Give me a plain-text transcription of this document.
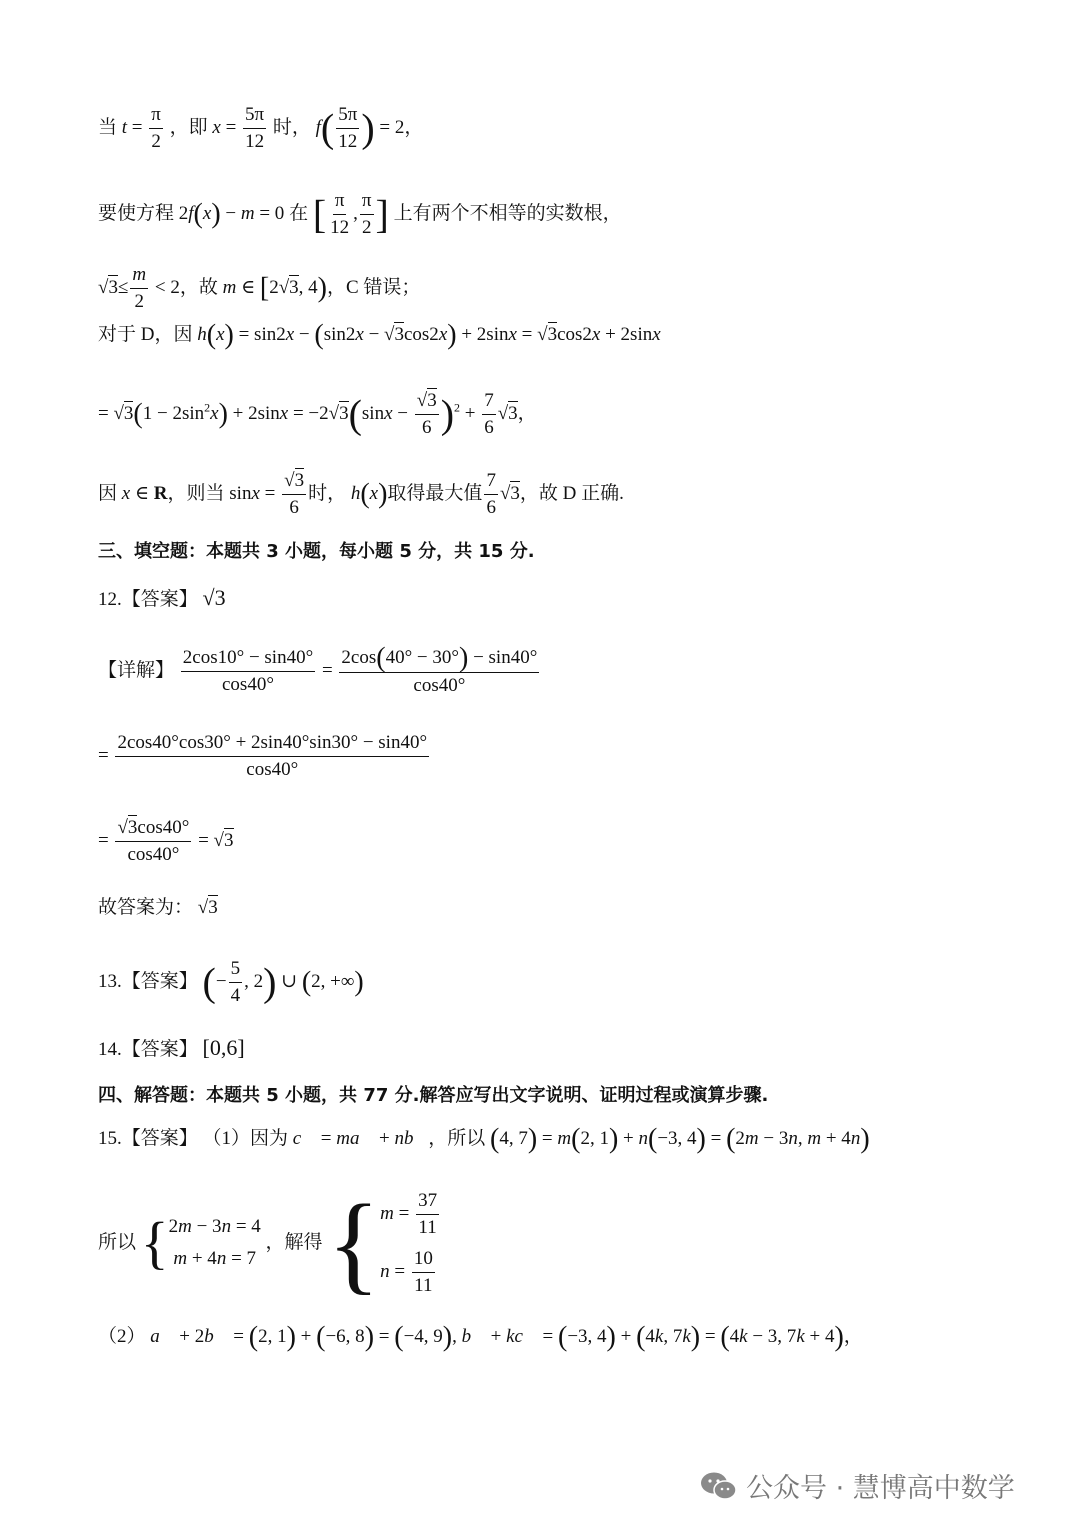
当 $t = \frac{\pi}{2}$ ，即 $x = \frac{5\pi}{12}$ 时， $f( \frac{5\pi}{12}$ ) = 2，
要使方程 2f(x) − m = 0 在 [ $\frac{\pi}{12}$ , $\frac{\pi}{2}$ ] 上有两个不相等的实数根，
$√3\le \frac{m}{2} < 2$，故 m ∈ [2√3, 4)，C 错误；
对于 D，因 h(x) = sin2x − (sin2x − √3cos2x) + 2sinx = √3cos2x + 2sinx
= $√3(1 - 2\sin^2x) + 2\sin x = -2√3(\sin x - \frac{√3}{6} )^2 + \frac{7}{6} √3$，
因 x ∈ R，则当 $\sin x = \frac{√3}{6}$ 时， h(x)取得最大值 $\frac{7}{6} √3$，故 D 正确.
三、填空题：本题共 3 小题，每小题 5 分，共 15 分.
12.【答案】 √3
【详解】 $\frac{2\cos 10^\circ - \sin 40^\circ}{\cos 40^\circ} = \frac{2\cos(40^\circ - 30^\circ) - \sin 40^\circ}{\cos 40^\circ}$
= $\frac{2\cos 40^\circ\cos 30^\circ + 2\sin 40^\circ\sin 30^\circ - \sin 40^\circ}{\cos 40^\circ}$
= $\frac{√3\cos 40^\circ}{\cos 40^\circ} = √3$
故答案为： √3
13.【答案】 (− $\frac{5}{4}$ , 2) ∪ (2, +∞)
14.【答案】 [0,6]
四、解答题：本题共 5 小题，共 77 分.解答应写出文字说明、证明过程或演算步骤.
15.【答案】 （1）因为 c⃗ = ma⃗ + nb⃗，所以 (4, 7) = m(2, 1) + n(−3, 4) = (2m − 3n, m + 4n)
所以 { 2m − 3n = 4
m + 4n = 7
，解得 { $m = \frac{37}{11}$
$n = \frac{10}{11}$
（2） a⃗ + 2b⃗ = (2, 1) + (−6, 8) = (−4, 9), b⃗ + kc⃗ = (−3, 4) + (4k, 7k) = (4k − 3, 7k + 4)，
公众号 · 慧博高中数学
